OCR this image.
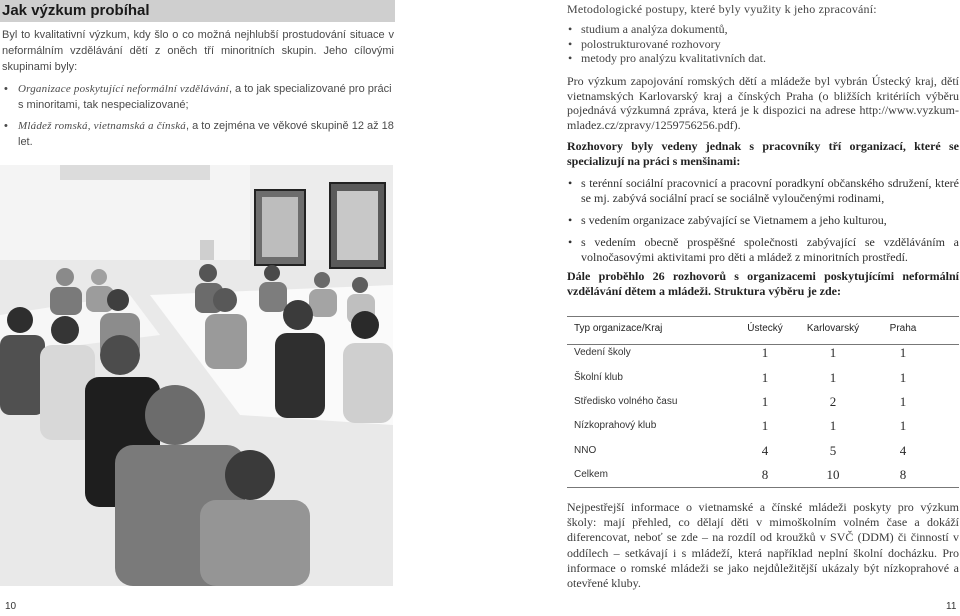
Jak výzkum probíhal

Byl to kvalitativní výzkum, kdy šlo o co možná nejhlubší prostudování situace v neformálním vzdělávání dětí z oněch tří minoritních skupin. Jeho cílovými skupinami byly:

• Organizace poskytující neformální vzdělávání, a to jak specializované pro práci s minoritami, tak nespecializované;
• Mládež romská, vietnamská a čínská, a to zejména ve věkové skupině 12 až 18 let.
10
Metodologické postupy, které byly využity k jeho zpracování:
• studium a analýza dokumentů,
• polostrukturované rozhovory
• metody pro analýzu kvalitativních dat.

Pro výzkum zapojování romských dětí a mládeže byl vybrán Ústecký kraj, dětí vietnamských Karlovarský kraj a čínských Praha (o bližších kritériích výběru pojednává výzkumná zpráva, která je k dispozici na adrese http://www.vyzkum-mladez.cz/zpravy/1259756256.pdf).

Rozhovory byly vedeny jednak s pracovníky tří organizací, které se specializují na práci s menšinami:

• s terénní sociální pracovnicí a pracovní poradkyní občanského sdružení, které se mj. zabývá sociální prací se sociálně vyloučenými rodinami,
• s vedením organizace zabývající se Vietnamem a jeho kulturou,
• s vedením obecně prospěšné společnosti zabývající se vzděláváním a volnočasovými aktivitami pro děti a mládež z minoritních prostředí.

Dále proběhlo 26 rozhovorů s organizacemi poskytujícími neformální vzdělávání dětem a mládeži. Struktura výběru je zde:

Typ organizace/Kraj	Ústecký	Karlovarský	Praha
Vedení školy	1	1	1
Školní klub	1	1	1
Středisko volného času	1	2	1
Nízkoprahový klub	1	1	1
NNO	4	5	4
Celkem	8	10	8

Nejpestřejší informace o vietnamské a čínské mládeži poskyty pro výzkum školy: mají přehled, co dělají děti v mimoškolním volném čase a dokáží diferencovat, neboť se zde – na rozdíl od kroužků v SVČ (DDM) či činností v oddílech – setkávají i s mládeží, která například neplní školní docházku. Pro informace o romské mládeži se jako nejdůležitější ukázaly být nízkoprahové a otevřené kluby.

11
